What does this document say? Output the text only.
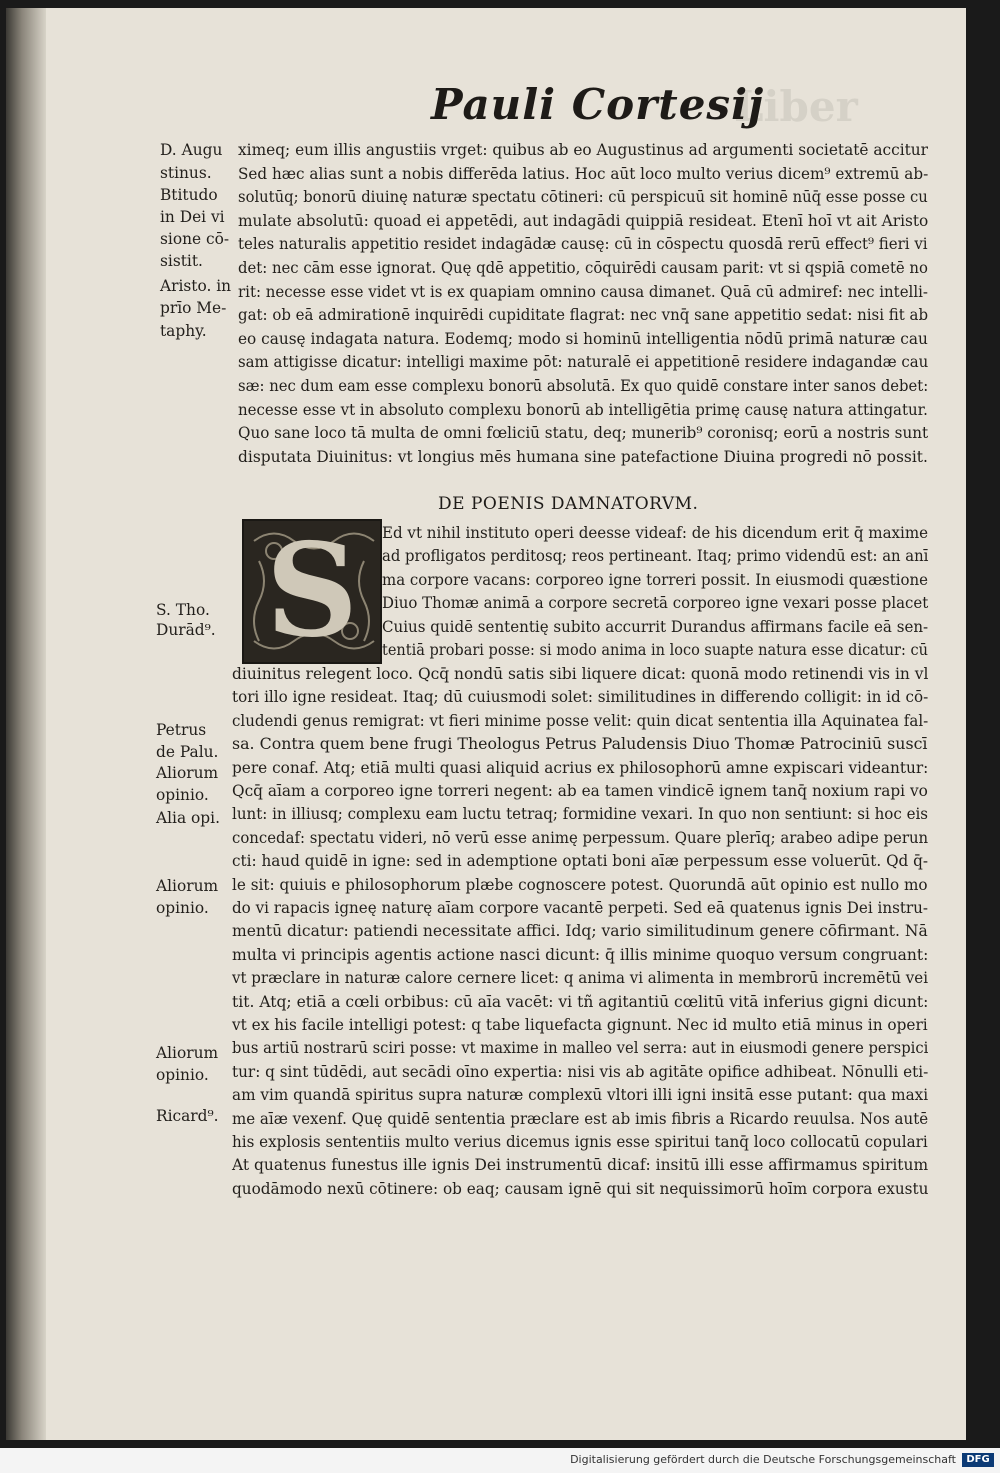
Liber
Pauli Cortesij
DE POENIS DAMNATORVM.
S
ximeq; eum illis angustiis vrget: quibus ab eo Augustinus ad argumenti societatē accitur
Sed hæc alias sunt a nobis differēda latius. Hoc aūt loco multo verius dicem⁹ extremū ab-
solutūq; bonorū diuinę naturæ spectatu cōtineri: cū perspicuū sit hominē nūq̄ esse posse cu
mulate absolutū: quoad ei appetēdi, aut indagādi quippiā resideat. Etenī hoī vt ait Aristo
teles naturalis appetitio residet indagādæ causę: cū in cōspectu quosdā rerū effect⁹ fieri vi
det: nec cām esse ignorat. Quę qdē appetitio, cōquirēdi causam parit: vt si qspiā cometē no
rit: necesse esse videt vt is ex quapiam omnino causa dimanet. Quā cū admiref: nec intelli-
gat: ob eā admirationē inquirēdi cupiditate flagrat: nec vnq̄ sane appetitio sedat: nisi fit ab
eo causę indagata natura. Eodemq; modo si hominū intelligentia nōdū primā naturæ cau
sam attigisse dicatur: intelligi maxime pōt: naturalē ei appetitionē residere indagandæ cau
sæ: nec dum eam esse complexu bonorū absolutā. Ex quo quidē constare inter sanos debet:
necesse esse vt in absoluto complexu bonorū ab intelligētia primę causę natura attingatur.
Quo sane loco tā multa de omni fœliciū statu, deq; munerib⁹ coronisq; eorū a nostris sunt
disputata Diuinitus: vt longius mēs humana sine patefactione Diuina progredi nō possit.
Ed vt nihil instituto operi deesse videaf: de his dicendum erit q̄ maxime
ad profligatos perditosq; reos pertineant. Itaq; primo videndū est: an anī
ma corpore vacans: corporeo igne torreri possit. In eiusmodi quæstione
Diuo Thomæ animā a corpore secretā corporeo igne vexari posse placet
Cuius quidē sententię subito accurrit Durandus affirmans facile eā sen-
tentiā probari posse: si modo anima in loco suapte natura esse dicatur: cū
diuinitus relegent loco. Qᴄq̄ nondū satis sibi liquere dicat: quonā modo retinendi vis in vl
tori illo igne resideat. Itaq; dū cuiusmodi solet: similitudines in differendo colligit: in id cō-
cludendi genus remigrat: vt fieri minime posse velit: quin dicat sententia illa Aquinatea fal-
sa. Contra quem bene frugi Theologus Petrus Paludensis Diuo Thomæ Patrociniū suscī
pere conaf. Atq; etiā multi quasi aliquid acrius ex philosophorū amne expiscari videantur:
Qᴄq̄ aīam a corporeo igne torreri negent: ab ea tamen vindicē ignem tanq̄ noxium rapi vo
lunt: in illiusq; complexu eam luctu tetraq; formidine vexari. In quo non sentiunt: si hoc eis
concedaf: spectatu videri, nō verū esse animę perpessum. Quare plerīq; arabeo adipe perun
cti: haud quidē in igne: sed in ademptione optati boni aīæ perpessum esse voluerūt. Qd q̄-
le sit: quiuis e philosophorum plæbe cognoscere potest. Quorundā aūt opinio est nullo mo
do vi rapacis igneę naturę aīam corpore vacantē perpeti. Sed eā quatenus ignis Dei instru-
mentū dicatur: patiendi necessitate affici. Idq; vario similitudinum genere cōfirmant. Nā
multa vi principis agentis actione nasci dicunt: q̄ illis minime quoquo versum congruant:
vt præclare in naturæ calore cernere licet: q anima vi alimenta in membrorū incremētū vei
tit. Atq; etiā a cœli orbibus: cū aīa vacēt: vi tñ agitantiū cœlitū vitā inferius gigni dicunt:
vt ex his facile intelligi potest: q tabe liquefacta gignunt. Nec id multo etiā minus in operi
bus artiū nostrarū sciri posse: vt maxime in malleo vel serra: aut in eiusmodi genere perspici
tur: q sint tūdēdi, aut secādi oīno expertia: nisi vis ab agitāte opifice adhibeat. Nōnulli eti-
am vim quandā spiritus supra naturæ complexū vltori illi igni insitā esse putant: qua maxi
me aīæ vexenf. Quę quidē sententia præclare est ab imis fibris a Ricardo reuulsa. Nos autē
his explosis sententiis multo verius dicemus ignis esse spiritui tanq̄ loco collocatū copulari
At quatenus funestus ille ignis Dei instrumentū dicaf: insitū illi esse affirmamus spiritum
quodāmodo nexū cōtinere: ob eaq; causam ignē qui sit nequissimorū hoīm corpora exustu
D. Augu
stinus.
Btitudo
in Dei vi
sione cō-
sistit.
Aristo. in
prīo Me-
taphy.
S. Tho.
Durād⁹.
Petrus
de Palu.
Aliorum
opinio.
Alia opi.
Aliorum
opinio.
Aliorum
opinio.
Ricard⁹.
Digitalisierung gefördert durch die Deutsche Forschungsgemeinschaft	DFG
